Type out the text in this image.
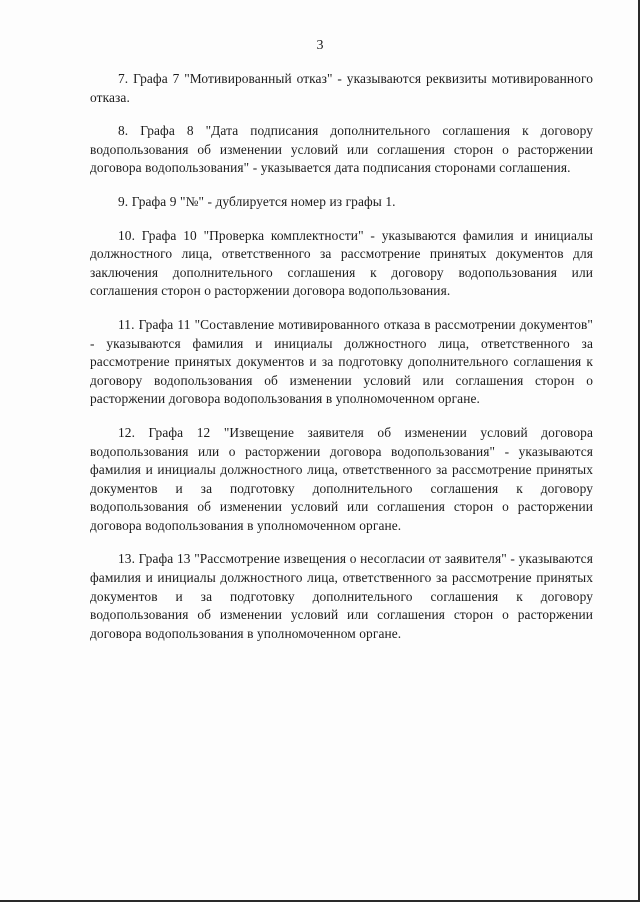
3

7. Графа 7 "Мотивированный отказ" - указываются реквизиты мотивированного отказа.

8. Графа 8 "Дата подписания дополнительного соглашения к договору водопользования об изменении условий или соглашения сторон о расторжении договора водопользования" - указывается дата подписания сторонами соглашения.

9. Графа 9 "№" - дублируется номер из графы 1.

10. Графа 10 "Проверка комплектности" - указываются фамилия и инициалы должностного лица, ответственного за рассмотрение принятых документов для заключения дополнительного соглашения к договору водопользования или соглашения сторон о расторжении договора водопользования.

11. Графа 11 "Составление мотивированного отказа в рассмотрении документов" - указываются фамилия и инициалы должностного лица, ответственного за рассмотрение принятых документов и за подготовку дополнительного соглашения к договору водопользования об изменении условий или соглашения сторон о расторжении договора водопользования в уполномоченном органе.

12. Графа 12 "Извещение заявителя об изменении условий договора водопользования или о расторжении договора водопользования" - указываются фамилия и инициалы должностного лица, ответственного за рассмотрение принятых документов и за подготовку дополнительного соглашения к договору водопользования об изменении условий или соглашения сторон о расторжении договора водопользования в уполномоченном органе.

13. Графа 13 "Рассмотрение извещения о несогласии от заявителя" - указываются фамилия и инициалы должностного лица, ответственного за рассмотрение принятых документов и за подготовку дополнительного соглашения к договору водопользования об изменении условий или соглашения сторон о расторжении договора водопользования в уполномоченном органе.
